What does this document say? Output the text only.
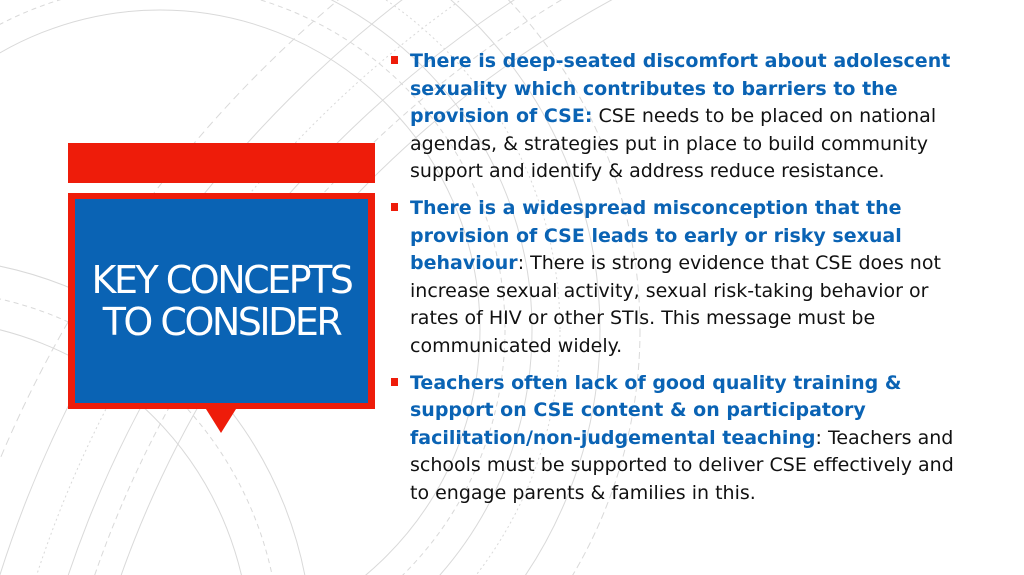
KEY CONCEPTS TO CONSIDER
There is deep-seated discomfort about adolescent sexuality which contributes to barriers to the provision of CSE: CSE needs to be placed on national agendas, & strategies put in place to build community support and identify & address reduce resistance.
There is a widespread misconception that the provision of CSE leads to early or risky sexual behaviour: There is strong evidence that CSE does not increase sexual activity, sexual risk-taking behavior or rates of HIV or other STIs. This message must be communicated widely.
Teachers often lack of good quality training & support on CSE content & on participatory facilitation/non-judgemental teaching: Teachers and schools must be supported to deliver CSE effectively and to engage parents & families in this.
